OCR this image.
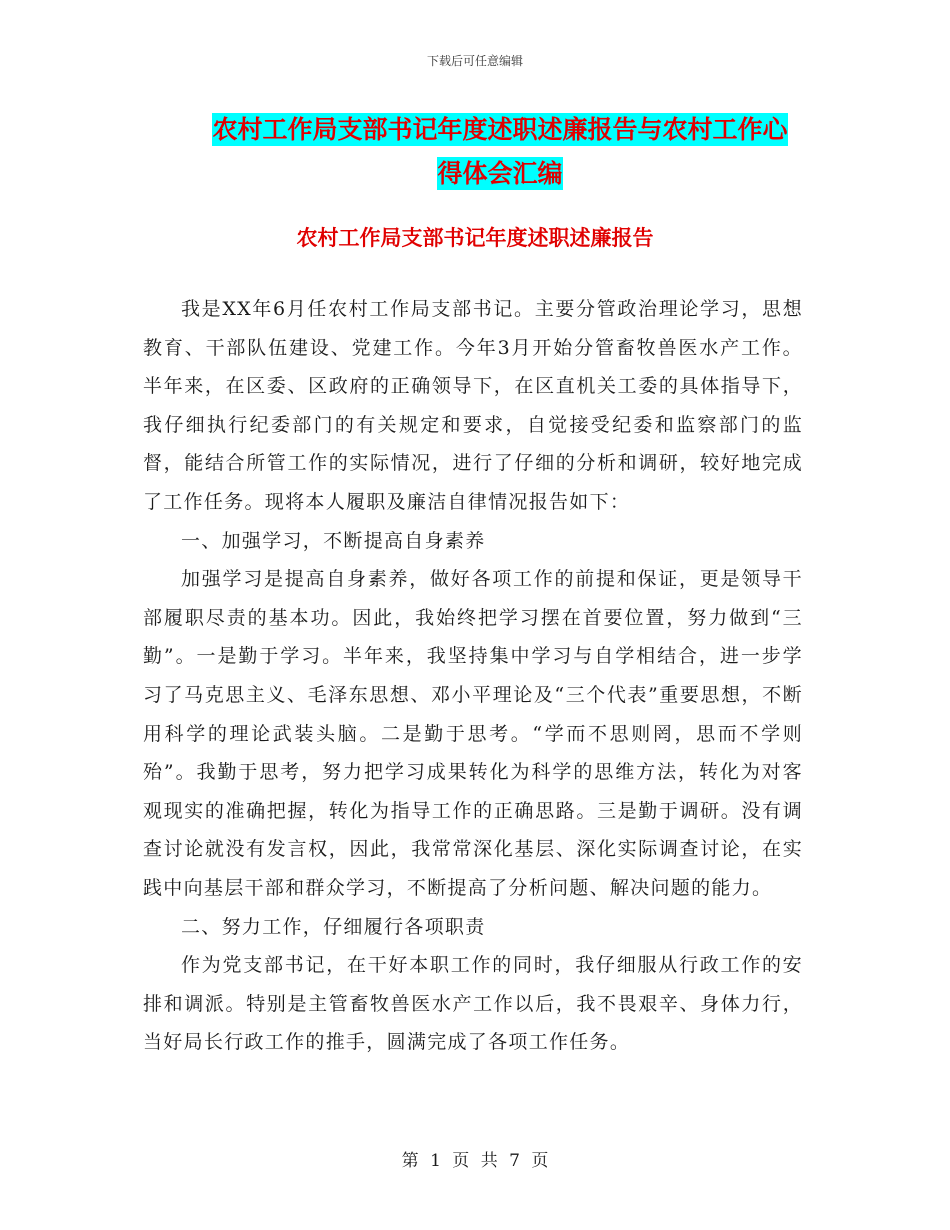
下载后可任意编辑
农村工作局支部书记年度述职述廉报告与农村工作心
得体会汇编
农村工作局支部书记年度述职述廉报告

我是XX年6月任农村工作局支部书记。主要分管政治理论学习，思想教育、干部队伍建设、党建工作。今年3月开始分管畜牧兽医水产工作。半年来，在区委、区政府的正确领导下，在区直机关工委的具体指导下，我仔细执行纪委部门的有关规定和要求，自觉接受纪委和监察部门的监督，能结合所管工作的实际情况，进行了仔细的分析和调研，较好地完成了工作任务。现将本人履职及廉洁自律情况报告如下：

一、加强学习，不断提高自身素养

加强学习是提高自身素养，做好各项工作的前提和保证，更是领导干部履职尽责的基本功。因此，我始终把学习摆在首要位置，努力做到“三勤”。一是勤于学习。半年来，我坚持集中学习与自学相结合，进一步学习了马克思主义、毛泽东思想、邓小平理论及“三个代表”重要思想，不断用科学的理论武装头脑。二是勤于思考。“学而不思则罔，思而不学则殆”。我勤于思考，努力把学习成果转化为科学的思维方法，转化为对客观现实的准确把握，转化为指导工作的正确思路。三是勤于调研。没有调查讨论就没有发言权，因此，我常常深化基层、深化实际调查讨论，在实践中向基层干部和群众学习，不断提高了分析问题、解决问题的能力。

二、努力工作，仔细履行各项职责

作为党支部书记，在干好本职工作的同时，我仔细服从行政工作的安排和调派。特别是主管畜牧兽医水产工作以后，我不畏艰辛、身体力行，当好局长行政工作的推手，圆满完成了各项工作任务。

第 1 页 共 7 页
